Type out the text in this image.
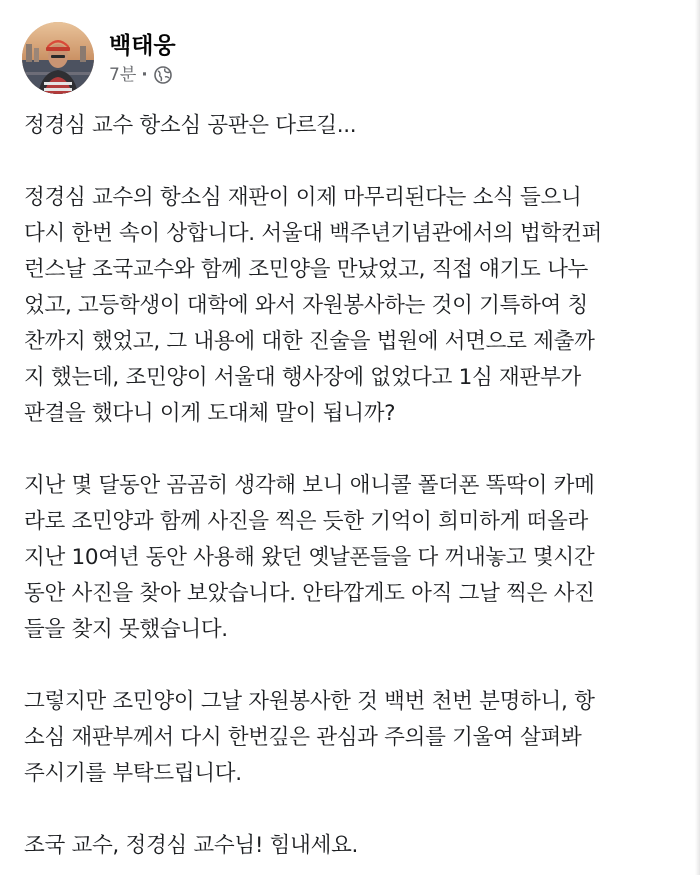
백태웅
7분 ·

정경심 교수 항소심 공판은 다르길...

정경심 교수의 항소심 재판이 이제 마무리된다는 소식 들으니
다시 한번 속이 상합니다. 서울대 백주년기념관에서의 법학컨퍼
런스날 조국교수와 함께 조민양을 만났었고, 직접 얘기도 나누
었고, 고등학생이 대학에 와서 자원봉사하는 것이 기특하여 칭
찬까지 했었고, 그 내용에 대한 진술을 법원에 서면으로 제출까
지 했는데, 조민양이 서울대 행사장에 없었다고 1심 재판부가
판결을 했다니 이게 도대체 말이 됩니까?

지난 몇 달동안 곰곰히 생각해 보니 애니콜 폴더폰 똑딱이 카메
라로 조민양과 함께 사진을 찍은 듯한 기억이 희미하게 떠올라
지난 10여년 동안 사용해 왔던 옛날폰들을 다 꺼내놓고 몇시간
동안 사진을 찾아 보았습니다. 안타깝게도 아직 그날 찍은 사진
들을 찾지 못했습니다.

그렇지만 조민양이 그날 자원봉사한 것 백번 천번 분명하니, 항
소심 재판부께서 다시 한번깊은 관심과 주의를 기울여 살펴봐
주시기를 부탁드립니다.

조국 교수, 정경심 교수님! 힘내세요.
